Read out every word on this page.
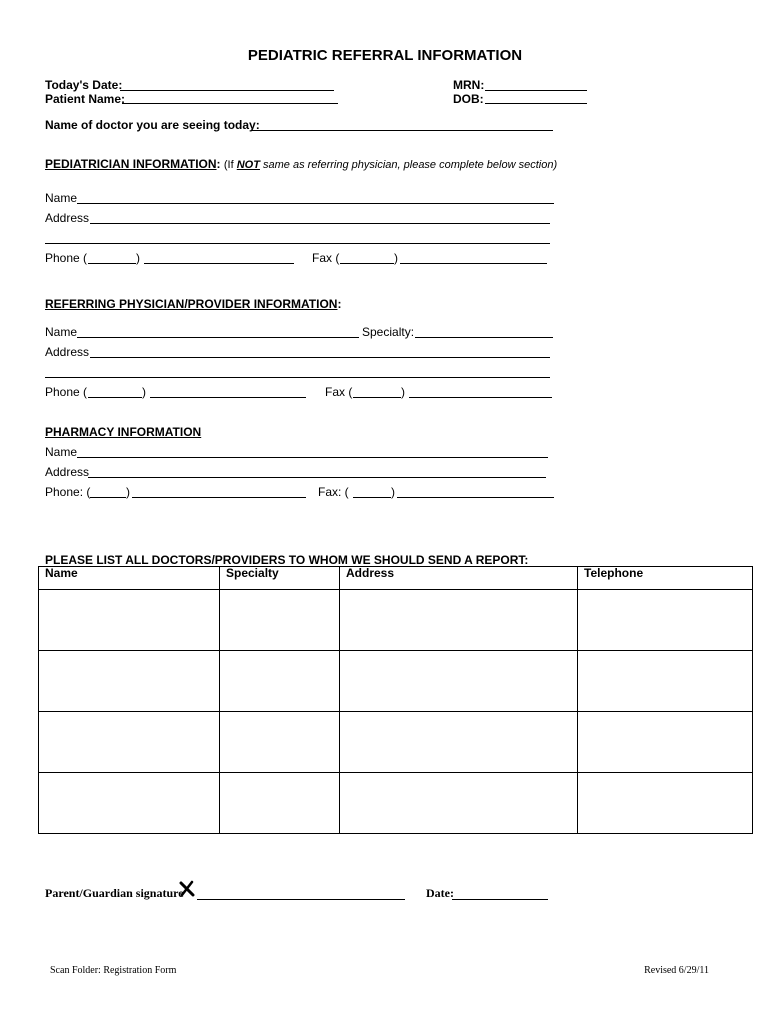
PEDIATRIC REFERRAL INFORMATION
Today's Date:
Patient Name:
MRN:
DOB:
Name of doctor you are seeing today:
PEDIATRICIAN INFORMATION: (If NOT same as referring physician, please complete below section)
Name
Address
Phone (	)	Fax (	)
REFERRING PHYSICIAN/PROVIDER INFORMATION:
Name	Specialty:
Address
Phone (	)	Fax (	)
PHARMACY INFORMATION
Name
Address
Phone: (	)	Fax: (	)
PLEASE LIST ALL DOCTORS/PROVIDERS TO WHOM WE SHOULD SEND A REPORT:
Name	Specialty	Address	Telephone

Parent/Guardian signature	Date:
Scan Folder: Registration Form	Revised 6/29/11
